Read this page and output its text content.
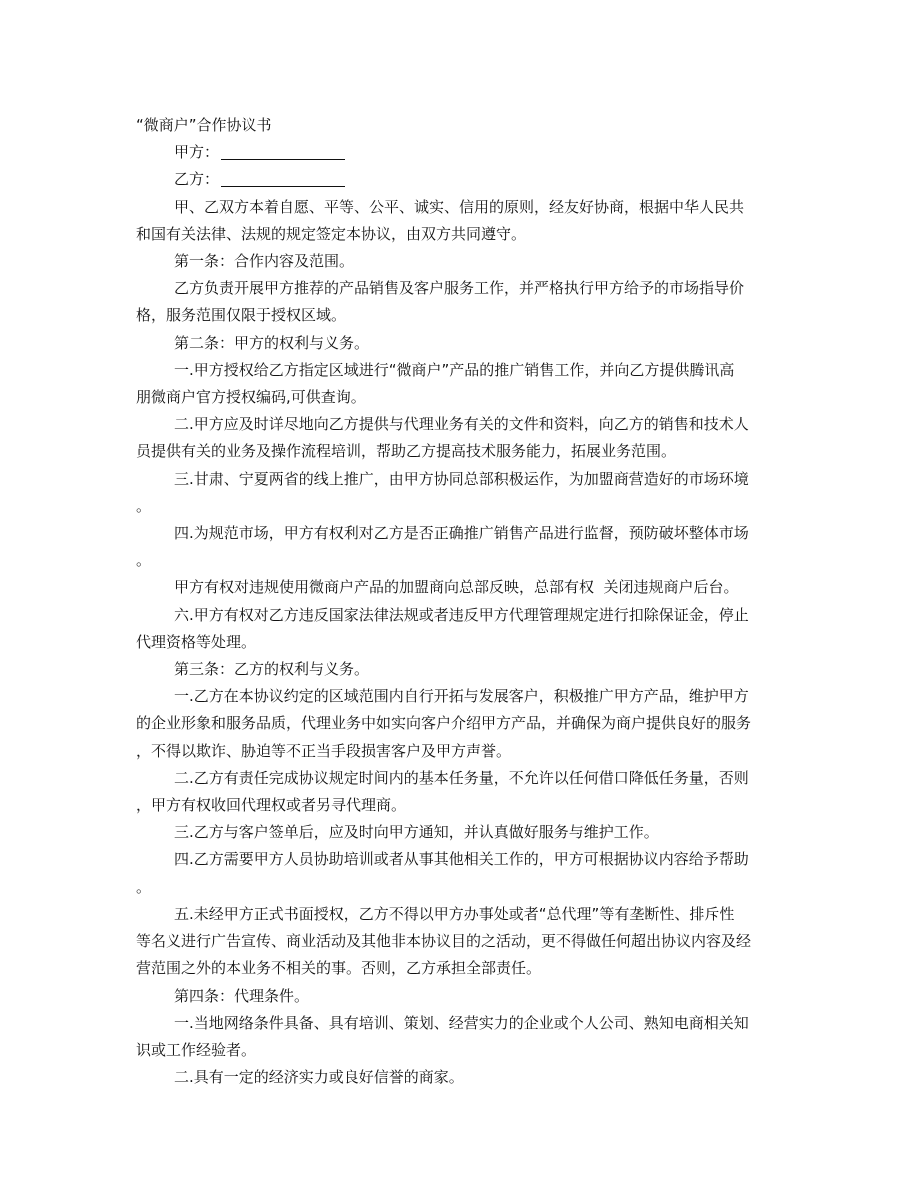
“微商户”合作协议书

甲方：

乙方：

甲、乙双方本着自愿、平等、公平、诚实、信用的原则，经友好协商，根据中华人民共

和国有关法律、法规的规定签定本协议，由双方共同遵守。

第一条：合作内容及范围。

乙方负责开展甲方推荐的产品销售及客户服务工作，并严格执行甲方给予的市场指导价

格，服务范围仅限于授权区域。

第二条：甲方的权利与义务。

一.甲方授权给乙方指定区域进行“微商户”产品的推广销售工作，并向乙方提供腾讯高

朋微商户官方授权编码,可供查询。

二.甲方应及时详尽地向乙方提供与代理业务有关的文件和资料，向乙方的销售和技术人

员提供有关的业务及操作流程培训，帮助乙方提高技术服务能力，拓展业务范围。

三.甘肃、宁夏两省的线上推广，由甲方协同总部积极运作，为加盟商营造好的市场环境

。

四.为规范市场，甲方有权利对乙方是否正确推广销售产品进行监督，预防破坏整体市场

。

甲方有权对违规使用微商户产品的加盟商向总部反映，总部有权  关闭违规商户后台。

六.甲方有权对乙方违反国家法律法规或者违反甲方代理管理规定进行扣除保证金，停止

代理资格等处理。

第三条：乙方的权利与义务。

一.乙方在本协议约定的区域范围内自行开拓与发展客户，积极推广甲方产品，维护甲方

的企业形象和服务品质，代理业务中如实向客户介绍甲方产品，并确保为商户提供良好的服务

，不得以欺诈、胁迫等不正当手段损害客户及甲方声誉。

二.乙方有责任完成协议规定时间内的基本任务量，不允许以任何借口降低任务量，否则

，甲方有权收回代理权或者另寻代理商。

三.乙方与客户签单后，应及时向甲方通知，并认真做好服务与维护工作。

四.乙方需要甲方人员协助培训或者从事其他相关工作的，甲方可根据协议内容给予帮助

。

五.未经甲方正式书面授权，乙方不得以甲方办事处或者“总代理”等有垄断性、排斥性

等名义进行广告宣传、商业活动及其他非本协议目的之活动，更不得做任何超出协议内容及经

营范围之外的本业务不相关的事。否则，乙方承担全部责任。

第四条：代理条件。

一.当地网络条件具备、具有培训、策划、经营实力的企业或个人公司、熟知电商相关知

识或工作经验者。

二.具有一定的经济实力或良好信誉的商家。
